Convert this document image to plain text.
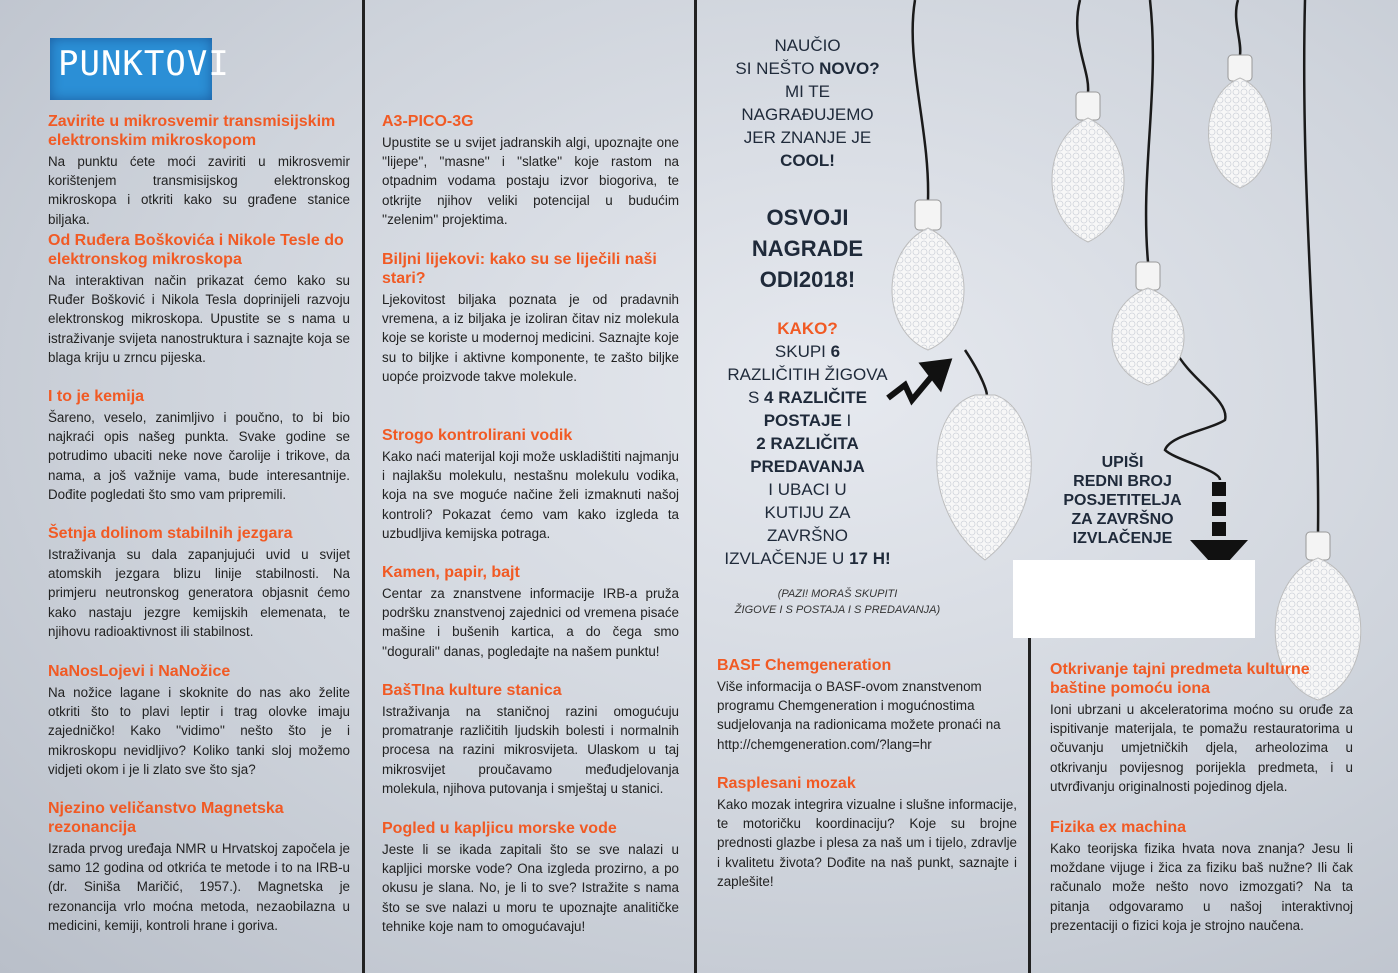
PUNKTOVI
Zavirite u mikrosvemir transmisijskim elektronskim mikroskopom

Na punktu ćete moći zaviriti u mikrosvemir korištenjem transmisijskog elektronskog mikroskopa i otkriti kako su građene stanice biljaka.

Od Ruđera Boškovića i Nikole Tesle do elektronskog mikroskopa

Na interaktivan način prikazat ćemo kako su Ruđer Bošković i Nikola Tesla doprinijeli razvoju elektronskog mikroskopa. Upustite se s nama u istraživanje svijeta nanostruktura i saznajte koja se blaga kriju u zrncu pijeska.

I to je kemija

Šareno, veselo, zanimljivo i poučno, to bi bio najkraći opis našeg punkta. Svake godine se potrudimo ubaciti neke nove čarolije i trikove, da nama, a još važnije vama, bude interesantnije. Dođite pogledati što smo vam pripremili.

Šetnja dolinom stabilnih jezgara

Istraživanja su dala zapanjujući uvid u svijet atomskih jezgara blizu linije stabilnosti. Na primjeru neutronskog generatora objasnit ćemo kako nastaju jezgre kemijskih elemenata, te njihovu radioaktivnost ili stabilnost.

NaNosLojevi i NaNožice

Na nožice lagane i skoknite do nas ako želite otkriti što to plavi leptir i trag olovke imaju zajedničko! Kako ''vidimo'' nešto što je i mikroskopu nevidljivo? Koliko tanki sloj možemo vidjeti okom i je li zlato sve što sja?

Njezino veličanstvo Magnetska rezonancija

Izrada prvog uređaja NMR u Hrvatskoj započela je samo 12 godina od otkrića te metode i to na IRB-u (dr. Siniša Maričić, 1957.). Magnetska je rezonancija vrlo moćna metoda, nezaobilazna u medicini, kemiji, kontroli hrane i goriva.

A3-PICO-3G

Upustite se u svijet jadranskih algi, upoznajte one ''lijepe'', ''masne'' i ''slatke'' koje rastom na otpadnim vodama postaju izvor biogoriva, te otkrijte njihov veliki potencijal u budućim ''zelenim'' projektima.

Biljni lijekovi: kako su se liječili naši stari?

Ljekovitost biljaka poznata je od pradavnih vremena, a iz biljaka je izoliran čitav niz molekula koje se koriste u modernoj medicini. Saznajte koje su to biljke i aktivne komponente, te zašto biljke uopće proizvode takve molekule.

Strogo kontrolirani vodik

Kako naći materijal koji može uskladištiti najmanju i najlakšu molekulu, nestašnu molekulu vodika, koja na sve moguće načine želi izmaknuti našoj kontroli? Pokazat ćemo vam kako izgleda ta uzbudljiva kemijska potraga.

Kamen, papir, bajt

Centar za znanstvene informacije IRB-a pruža podršku znanstvenoj zajednici od vremena pisaće mašine i bušenih kartica, a do čega smo ''dogurali'' danas, pogledajte na našem punktu!

BašTIna kulture stanica

Istraživanja na staničnoj razini omogućuju promatranje različitih ljudskih bolesti i normalnih procesa na razini mikrosvijeta. Ulaskom u taj mikrosvijet proučavamo međudjelovanja molekula, njihova putovanja i smještaj u stanici.

Pogled u kapljicu morske vode

Jeste li se ikada zapitali što se sve nalazi u kapljici morske vode? Ona izgleda prozirno, a po okusu je slana. No, je li to sve? Istražite s nama što se sve nalazi u moru te upoznajte analitičke tehnike koje nam to omogućavaju!

NAUČIO
SI NEŠTO NOVO?
MI TE
NAGRAĐUJEMO
JER ZNANJE JE
COOL!
OSVOJI
NAGRADE
ODI2018!
KAKO?
SKUPI 6
RAZLIČITIH ŽIGOVA
S 4 RAZLIČITE
POSTAJE I
2 RAZLIČITA
PREDAVANJA
I UBACI U
KUTIJU ZA
ZAVRŠNO
IZVLAČENJE U 17 H!
(PAZI! MORAŠ SKUPITI
ŽIGOVE I S POSTAJA I S PREDAVANJA)
UPIŠI
REDNI BROJ
POSJETITELJA
ZA ZAVRŠNO
IZVLAČENJE
BASF Chemgeneration

Više informacija o BASF-ovom znanstvenom programu Chemgeneration i mogućnostima sudjelovanja na radionicama možete pronaći na http://chemgeneration.com/?lang=hr

Rasplesani mozak

Kako mozak integrira vizualne i slušne informacije, te motoričku koordinaciju? Koje su brojne prednosti glazbe i plesa za naš um i tijelo, zdravlje i kvalitetu života? Dođite na naš punkt, saznajte i zaplešite!

Otkrivanje tajni predmeta kulturne baštine pomoću iona

Ioni ubrzani u akceleratorima moćno su oruđe za ispitivanje materijala, te pomažu restauratorima u očuvanju umjetničkih djela, arheolozima u otkrivanju povijesnog porijekla predmeta, i u utvrđivanju originalnosti pojedinog djela.

Fizika ex machina

Kako teorijska fizika hvata nova znanja? Jesu li moždane vijuge i žica za fiziku baš nužne? Ili čak računalo može nešto novo izmozgati? Na ta pitanja odgovaramo u našoj interaktivnoj prezentaciji o fizici koja je strojno naučena.
